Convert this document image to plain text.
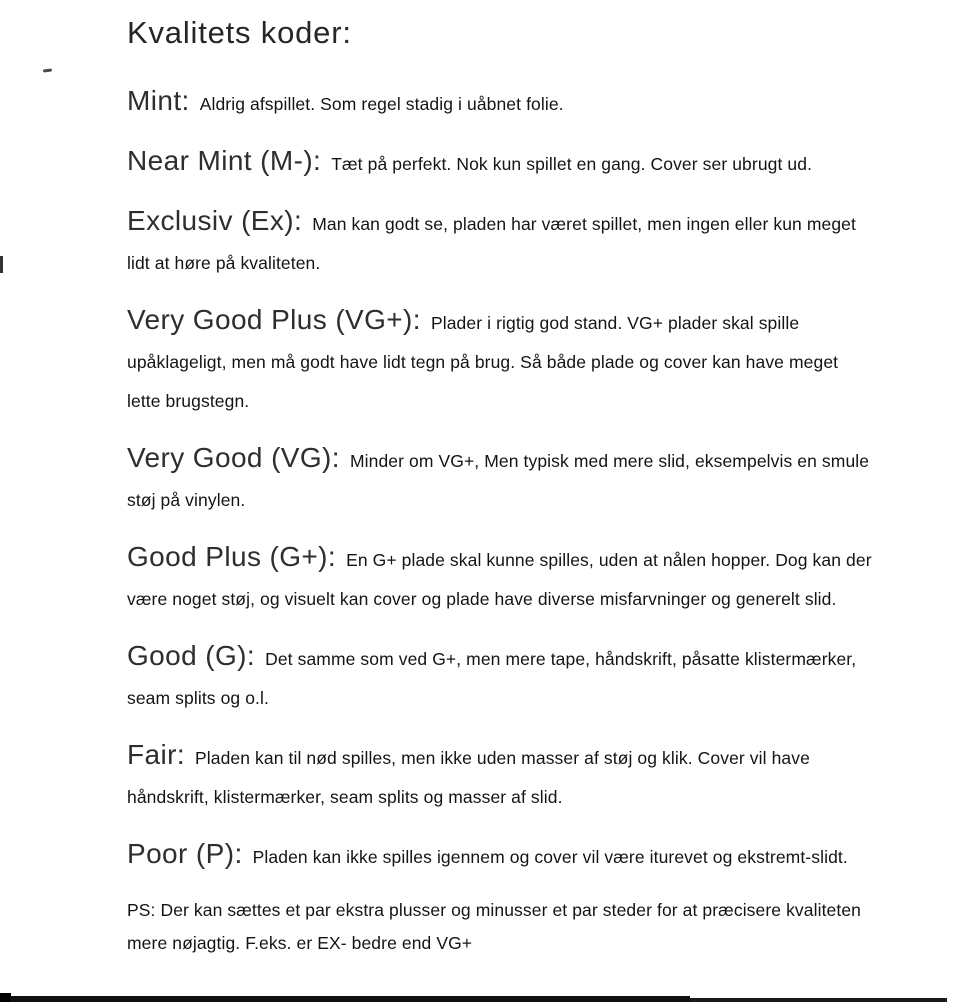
Kvalitets koder:

Mint: Aldrig afspillet. Som regel stadig i uåbnet folie.

Near Mint (M-): Tæt på perfekt. Nok kun spillet en gang. Cover ser ubrugt ud.

Exclusiv (Ex): Man kan godt se, pladen har været spillet, men ingen eller kun meget lidt at høre på kvaliteten.

Very Good Plus (VG+): Plader i rigtig god stand. VG+ plader skal spille upåklageligt, men må godt have lidt tegn på brug. Så både plade og cover kan have meget lette brugstegn.

Very Good (VG): Minder om VG+, Men typisk med mere slid, eksempelvis en smule støj på vinylen.

Good Plus (G+): En G+ plade skal kunne spilles, uden at nålen hopper. Dog kan der være noget støj, og visuelt kan cover og plade have diverse misfarvninger og generelt slid.

Good (G): Det samme som ved G+, men mere tape, håndskrift, påsatte klistermærker, seam splits og o.l.

Fair: Pladen kan til nød spilles, men ikke uden masser af støj og klik. Cover vil have håndskrift, klistermærker, seam splits og masser af slid.

Poor (P): Pladen kan ikke spilles igennem og cover vil være iturevet og ekstremt-slidt.

PS: Der kan sættes et par ekstra plusser og minusser et par steder for at præcisere kvaliteten mere nøjagtig. F.eks. er EX- bedre end VG+
